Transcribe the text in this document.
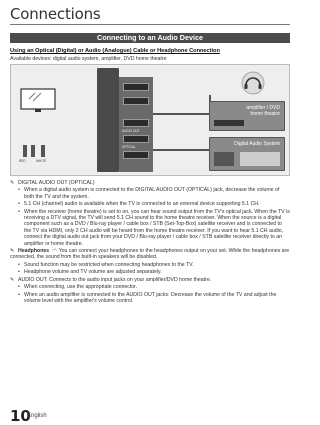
Connections
Connecting to an Audio Device
Using an Optical (Digital) or Audio (Analogue) Cable or Headphone Connection
Available devices: digital audio system, amplifier, DVD home theatre
RED	WHITE
AUDIO OUT
OPTICAL
amplifier / DVD home theatre
Digital Audio System
✎ DIGITAL AUDIO OUT (OPTICAL)
• When a digital audio system is connected to the DIGITAL AUDIO OUT (OPTICAL) jack, decrease the volume of both the TV and the system.
• 5.1 CH (channel) audio is available when the TV is connected to an external device supporting 5.1 CH.
• When the receiver (home theatre) is set to on, you can hear sound output from the TV's optical jack. When the TV is receiving a DTV signal, the TV will send 5.1 CH sound to the home theatre receiver. When the source is a digital component such as a DVD / Blu-ray player / cable box / STB (Set-Top-Box) satellite receiver and is connected to the TV via HDMI, only 2 CH audio will be heard from the home theatre receiver. If you want to hear 5.1 CH audio, connect the digital audio out jack from your DVD / Blu-ray player / cable box / STB satellite receiver directly to an amplifier or home theatre.
✎ Headphones ◠ You can connect your headphones to the headphones output on your set. While the headphones are connected, the sound from the built-in speakers will be disabled.
• Sound function may be restricted when connecting headphones to the TV.
• Headphone volume and TV volume are adjusted separately.
✎ AUDIO OUT: Connects to the audio input jacks on your amplifier/DVD home theatre.
• When connecting, use the appropriate connector.
• When an audio amplifier is connected to the AUDIO OUT jacks: Decrease the volume of the TV and adjust the volume level with the amplifier's volume control.
10
English
